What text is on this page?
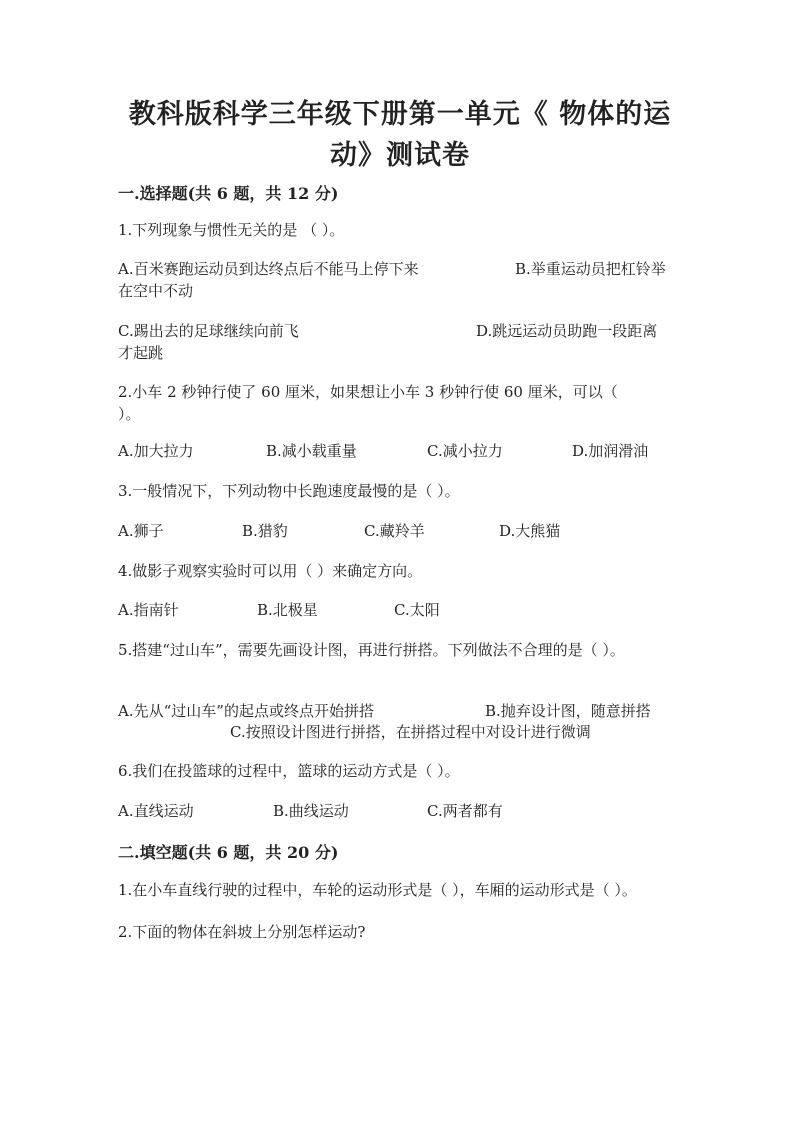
教科版科学三年级下册第一单元《 物体的运动》测试卷
一.选择题(共 6 题，共 12 分)
1.下列现象与惯性无关的是 （ ）。
A.百米赛跑运动员到达终点后不能马上停下来	B.举重运动员把杠铃举
在空中不动
C.踢出去的足球继续向前飞	D.跳远运动员助跑一段距离
才起跳
2.小车 2 秒钟行使了 60 厘米，如果想让小车 3 秒钟行使 60 厘米，可以（ ）。
A.加大拉力	B.减小载重量	C.减小拉力	D.加润滑油
3.一般情况下，下列动物中长跑速度最慢的是（ ）。
A.狮子	B.猎豹	C.藏羚羊	D.大熊猫
4.做影子观察实验时可以用（ ）来确定方向。
A.指南针	B.北极星	C.太阳
5.搭建“过山车”，需要先画设计图，再进行拼搭。下列做法不合理的是（ ）。
A.先从“过山车”的起点或终点开始拼搭	B.抛弃设计图，随意拼搭
C.按照设计图进行拼搭，在拼搭过程中对设计进行微调
6.我们在投篮球的过程中，篮球的运动方式是（ ）。
A.直线运动	B.曲线运动	C.两者都有
二.填空题(共 6 题，共 20 分)
1.在小车直线行驶的过程中，车轮的运动形式是（ ），车厢的运动形式是（ ）。
2.下面的物体在斜坡上分别怎样运动?
